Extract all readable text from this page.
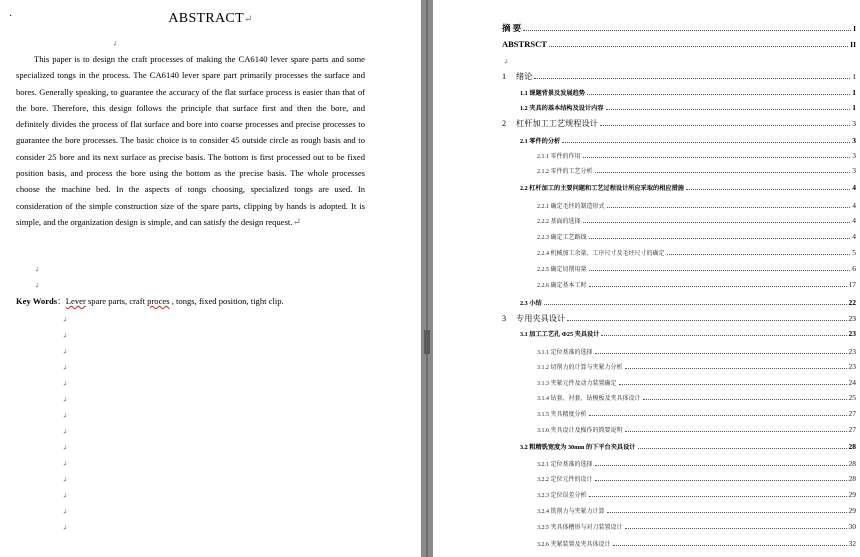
·	ABSTRACT↵
↲
This paper is to design the craft processes of making the CA6140 lever spare parts and some specialized tongs in the process. The CA6140 lever spare part primarily processes the surface and bores. Generally speaking, to guarantee the accuracy of the flat surface process is easier than that of the bore. Therefore, this design follows the principle that surface first and then the bore, and definitely divides the process of flat surface and bore into coarse processes and precise processes to guarantee the bore processes. The basic choice is to consider 45 outside circle as rough basis and to consider 25 bore and its next surface as precise basis. The bottom is first processed out to be fixed position basis, and process the bore using the bottom as the precise basis. The whole processes choose the machine bed. In the aspects of tongs choosing, specialized tongs are used. In consideration of the simple construction size of the spare parts, clipping by hands is adopted. It is simple, and the organization design is simple, and can satisfy the design request.↵
↲
↲
Key Words：Lever spare parts, craft proces , tongs, fixed position, tight clip.
↲
↲
↲
↲
↲
↲
↲
↲
↲
↲
↲
↲
↲
↲
摘 要	I
ABSTRSCT	II
1	绪论	1
1.1 课题背景及发展趋势	1
1.2 夹具的基本结构及设计内容	1
2	杠杆加工工艺规程设计	3
2.1 零件的分析	3
2.1.1 零件的作用	3
2.1.2 零件的工艺分析	3
2.2 杠杆加工的主要问题和工艺过程设计所应采取的相应措施	4
2.2.1 确定毛坯的制造形式	4
2.2.2 基面的选择	4
2.2.3 确定工艺路线	4
2.2.4 机械加工余量、工序尺寸及毛坯尺寸的确定	5
2.2.5 确定切削用量	6
2.2.6 确定基本工时	17
2.3 小结	22
3	专用夹具设计	23
3.1 加工工艺孔 Φ25 夹具设计	23
3.1.1 定位基准的选择	23
3.1.2 切削力的计算与夹紧力分析	23
3.1.3 夹紧元件及动力装置确定	24
3.1.4 钻套、衬套、钻模板及夹具体设计	25
3.1.5 夹具精度分析	27
3.1.6 夹具设计及操作的简要说明	27
3.2 粗精铣宽度为 30mm 的下平台夹具设计	28
3.2.1 定位基准的选择	28
3.2.2 定位元件的设计	28
3.2.3 定位误差分析	29
3.2.4 铣削力与夹紧力计算	29
3.2.5 夹具体槽形与对刀装置设计	30
3.2.6 夹紧装置及夹具体设计	32
↲
